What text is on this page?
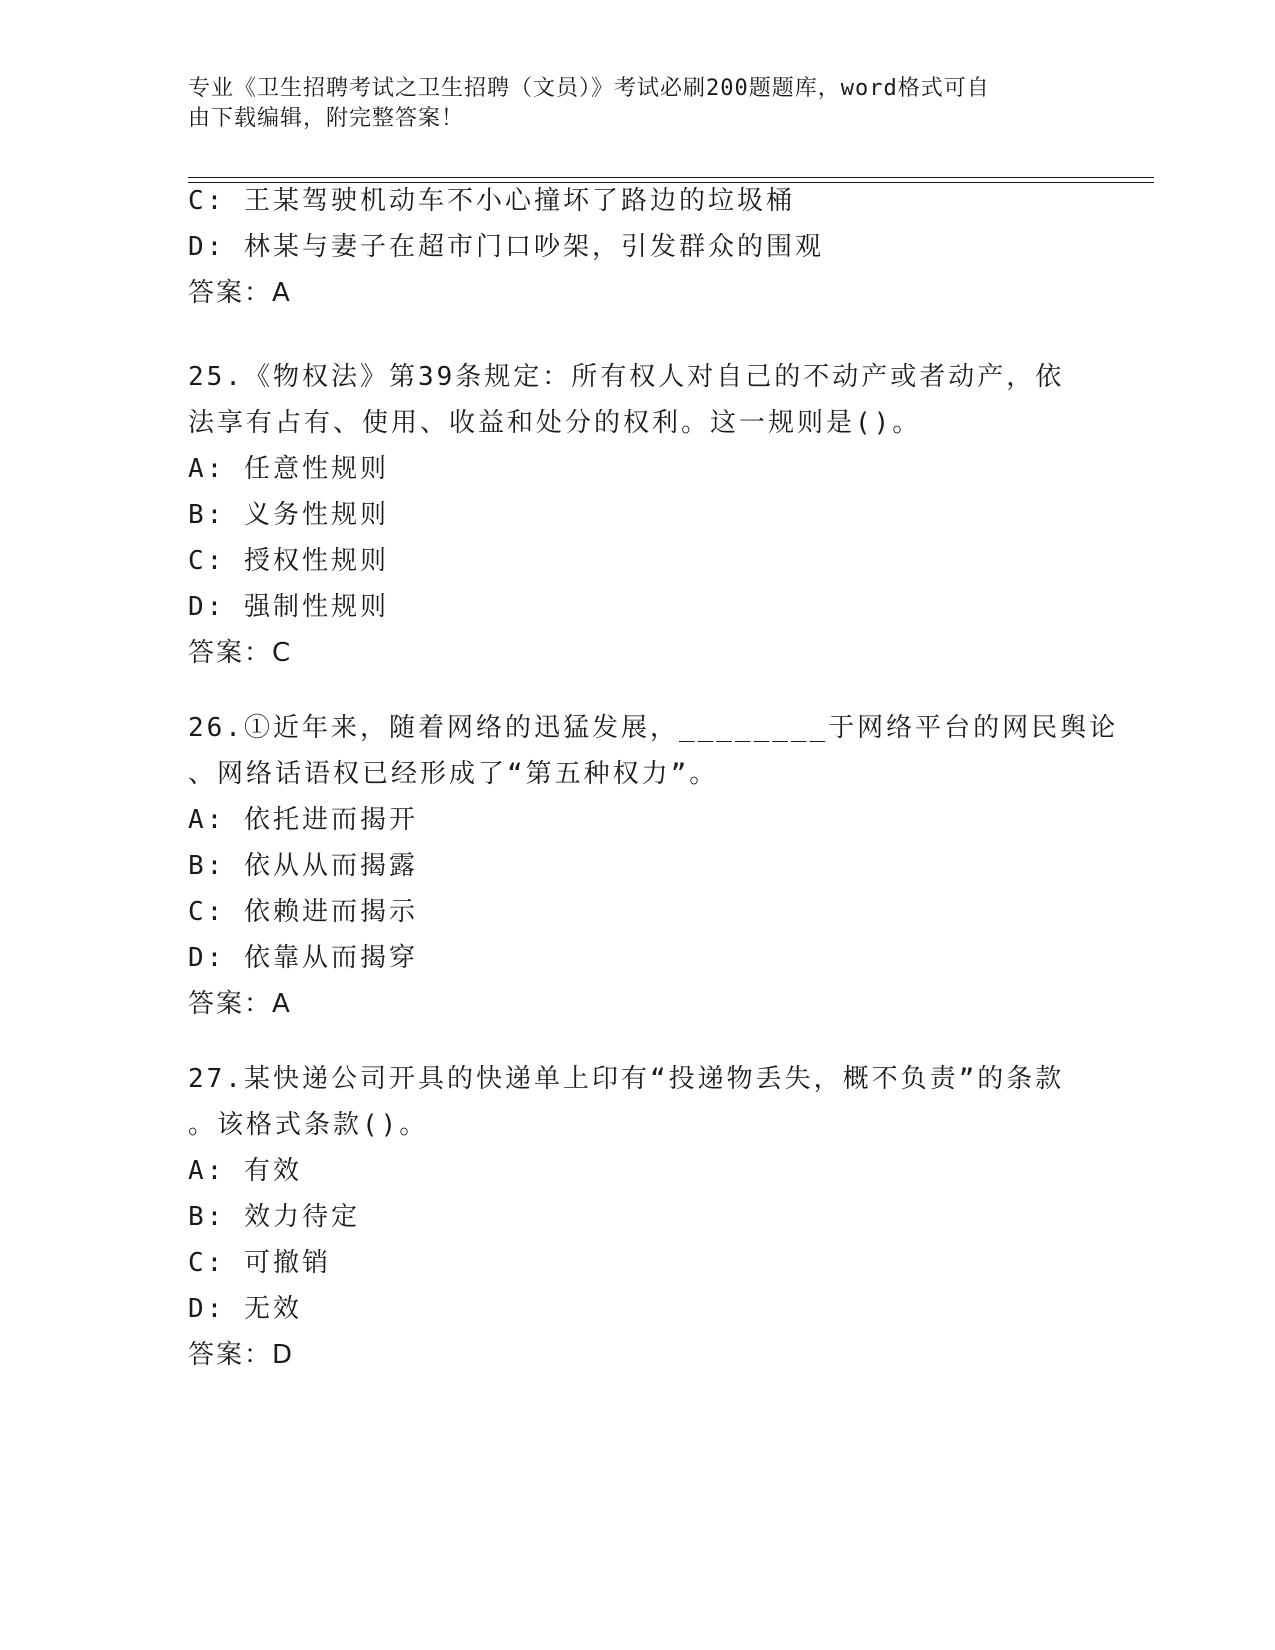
专业《卫生招聘考试之卫生招聘（文员）》考试必刷200题题库，word格式可自
由下载编辑，附完整答案！
C: 王某驾驶机动车不小心撞坏了路边的垃圾桶
D: 林某与妻子在超市门口吵架，引发群众的围观
答案：A
25.《物权法》第39条规定：所有权人对自己的不动产或者动产，依
法享有占有、使用、收益和处分的权利。这一规则是()。
A: 任意性规则
B: 义务性规则
C: 授权性规则
D: 强制性规则
答案：C
26.①近年来，随着网络的迅猛发展，________于网络平台的网民舆论
、网络话语权已经形成了“第五种权力”。
A: 依托进而揭开
B: 依从从而揭露
C: 依赖进而揭示
D: 依靠从而揭穿
答案：A
27.某快递公司开具的快递单上印有“投递物丢失，概不负责”的条款
。该格式条款()。
A: 有效
B: 效力待定
C: 可撤销
D: 无效
答案：D
